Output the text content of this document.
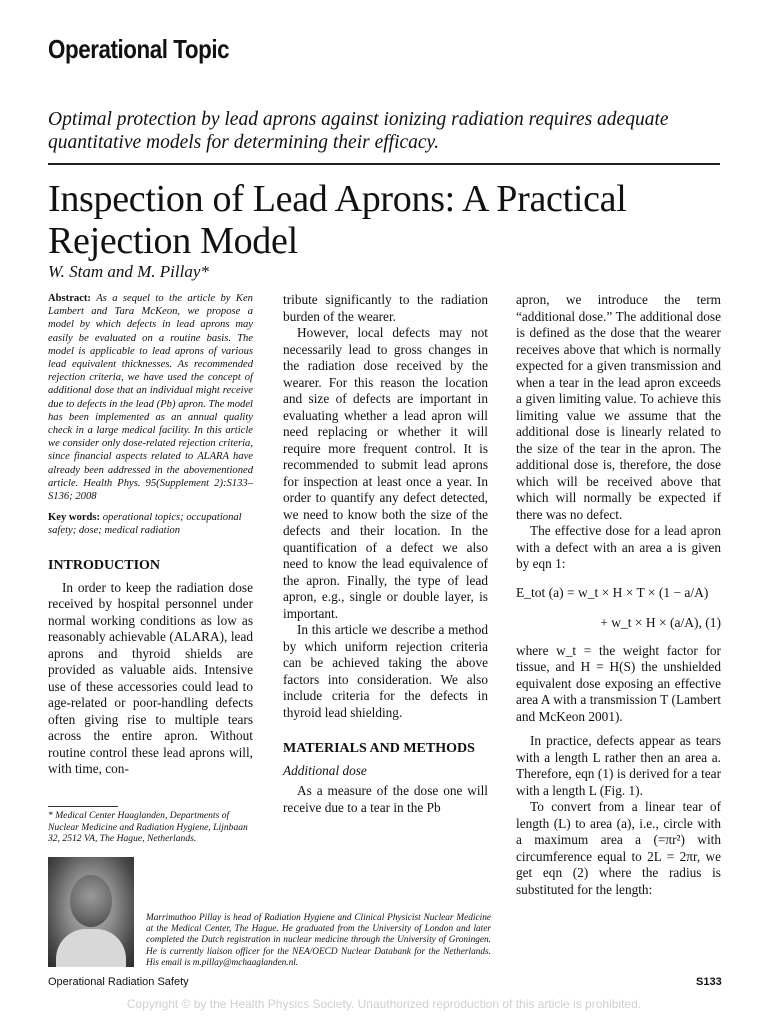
Operational Topic
Optimal protection by lead aprons against ionizing radiation requires adequate quantitative models for determining their efficacy.
Inspection of Lead Aprons: A Practical Rejection Model
W. Stam and M. Pillay*
Abstract: As a sequel to the article by Ken Lambert and Tara McKeon, we propose a model by which defects in lead aprons may easily be evaluated on a routine basis. The model is applicable to lead aprons of various lead equivalent thicknesses. As recommended rejection criteria, we have used the concept of additional dose that an individual might receive due to defects in the lead (Pb) apron. The model has been implemented as an annual quality check in a large medical facility. In this article we consider only dose-related rejection criteria, since financial aspects related to ALARA have already been addressed in the abovementioned article. Health Phys. 95(Supplement 2):S133–S136; 2008
Key words: operational topics; occupational safety; dose; medical radiation
INTRODUCTION

In order to keep the radiation dose received by hospital personnel under normal working conditions as low as reasonably achievable (ALARA), lead aprons and thyroid shields are provided as valuable aids. Intensive use of these accessories could lead to age-related or poor-handling defects often giving rise to multiple tears across the entire apron. Without routine control these lead aprons will, with time, con-

tribute significantly to the radiation burden of the wearer.

However, local defects may not necessarily lead to gross changes in the radiation dose received by the wearer. For this reason the location and size of defects are important in evaluating whether a lead apron will need replacing or whether it will require more frequent control. It is recommended to submit lead aprons for inspection at least once a year. In order to quantify any defect detected, we need to know both the size of the defects and their location. In the quantification of a defect we also need to know the lead equivalence of the apron. Finally, the type of lead apron, e.g., single or double layer, is important.

In this article we describe a method by which uniform rejection criteria can be achieved taking the above factors into consideration. We also include criteria for the defects in thyroid lead shielding.

MATERIALS AND METHODS
Additional dose

As a measure of the dose one will receive due to a tear in the Pb

apron, we introduce the term “additional dose.” The additional dose is defined as the dose that the wearer receives above that which is normally expected for a given transmission and when a tear in the lead apron exceeds a given limiting value. To achieve this limiting value we assume that the additional dose is linearly related to the size of the tear in the apron. The additional dose is, therefore, the dose which will be received above that which will normally be expected if there was no defect.

The effective dose for a lead apron with a defect with an area a is given by eqn 1:

E_tot (a) = w_t × H × T × (1 − a/A)
+ w_t × H × (a/A), (1)

where w_t = the weight factor for tissue, and H = H(S) the unshielded equivalent dose exposing an effective area A with a transmission T (Lambert and McKeon 2001).

In practice, defects appear as tears with a length L rather then an area a. Therefore, eqn (1) is derived for a tear with a length L (Fig. 1).

To convert from a linear tear of length (L) to area (a), i.e., circle with a maximum area a (=πr²) with circumference equal to 2L = 2πr, we get eqn (2) where the radius is substituted for the length:

* Medical Center Haaglanden, Departments of Nuclear Medicine and Radiation Hygiene, Lijnbaan 32, 2512 VA, The Hague, Netherlands.
Marrimuthoo Pillay is head of Radiation Hygiene and Clinical Physicist Nuclear Medicine at the Medical Center, The Hague. He graduated from the University of London and later completed the Dutch registration in nuclear medicine through the University of Groningen. He is currently liaison officer for the NEA/OECD Nuclear Databank for the Netherlands. His email is m.pillay@mchaaglanden.nl.
Operational Radiation Safety	S133
Copyright © by the Health Physics Society. Unauthorized reproduction of this article is prohibited.
